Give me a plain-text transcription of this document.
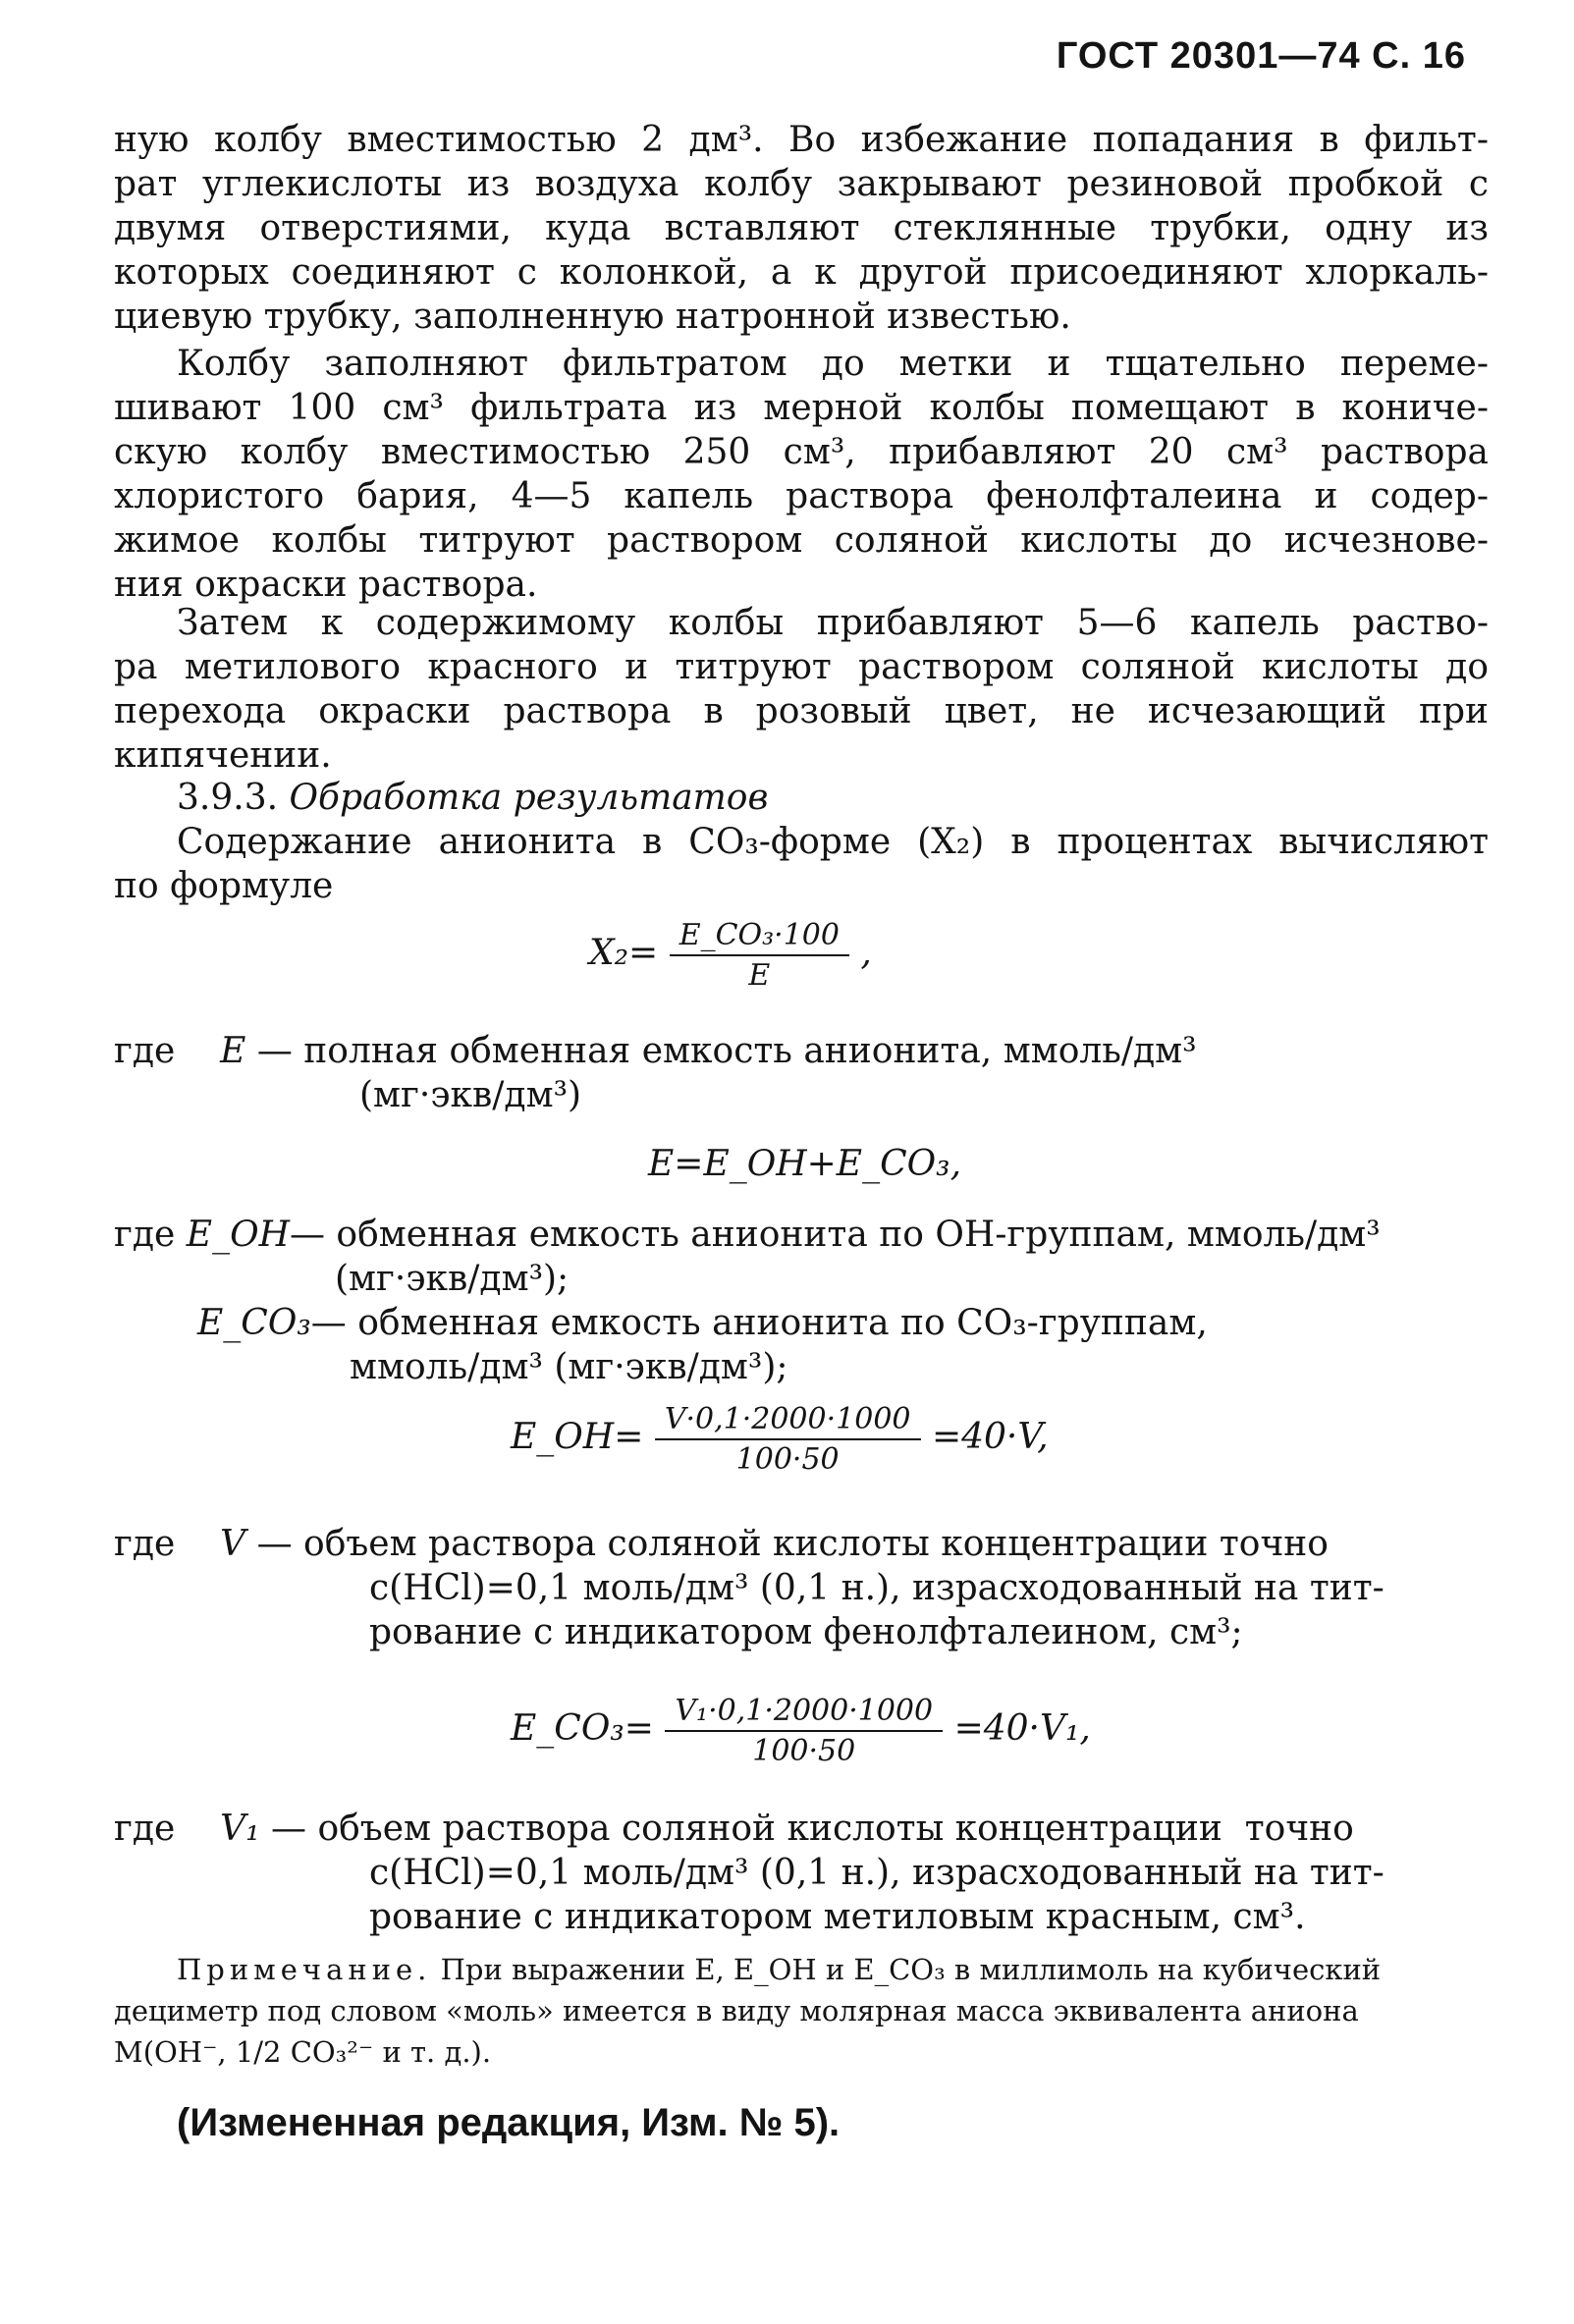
ГОСТ 20301—74 С. 16
ную колбу вместимостью 2 дм³. Во избежание попадания в фильт-
рат углекислоты из воздуха колбу закрывают резиновой пробкой с
двумя отверстиями, куда вставляют стеклянные трубки, одну из
которых соединяют с колонкой, а к другой присоединяют хлоркаль-
циевую трубку, заполненную натронной известью.
Колбу заполняют фильтратом до метки и тщательно переме-
шивают 100 см³ фильтрата из мерной колбы помещают в кониче-
скую колбу вместимостью 250 см³, прибавляют 20 см³ раствора
хлористого бария, 4—5 капель раствора фенолфталеина и содер-
жимое колбы титруют раствором соляной кислоты до исчезнове-
ния окраски раствора.
Затем к содержимому колбы прибавляют 5—6 капель раство-
ра метилового красного и титруют раствором соляной кислоты до
перехода окраски раствора в розовый цвет, не исчезающий при
кипячении.
3.9.3. Обработка результатов
Содержание анионита в СО₃-форме (X₂) в процентах вычисляют
по формуле
$X_2= \frac{\text{E\_CO₃·100}}{E}$ ,
где E — полная обменная емкость анионита, ммоль/дм³
(мг·экв/дм³)
E=E_ОН+E_CO₃,
где E_ОН— обменная емкость анионита по ОН-группам, ммоль/дм³
(мг·экв/дм³);
E_CO₃— обменная емкость анионита по СО₃-группам,
ммоль/дм³ (мг·экв/дм³);
E_ОН= $\frac{V\cdot 0,1\cdot 2000\cdot 1000}{100\cdot 50} =40\cdot V$,
где V — объем раствора соляной кислоты концентрации точно
c(HCl)=0,1 моль/дм³ (0,1 н.), израсходованный на тит-
рование с индикатором фенолфталеином, см³;
E_CO₃= $\frac{\text{V₁·0,1·2000·1000}}{100\cdot 50} =40\cdot V_1$,
где V₁ — объем раствора соляной кислоты концентрации  точно
c(HCl)=0,1 моль/дм³ (0,1 н.), израсходованный на тит-
рование с индикатором метиловым красным, см³.
Примечание. При выражении Е, E_OH и E_CO₃ в миллимоль на кубический
дециметр под словом «моль» имеется в виду молярная масса эквивалента аниона
M(OH⁻, 1/2 CO₃²⁻ и т. д.).
(Измененная редакция, Изм. № 5).
